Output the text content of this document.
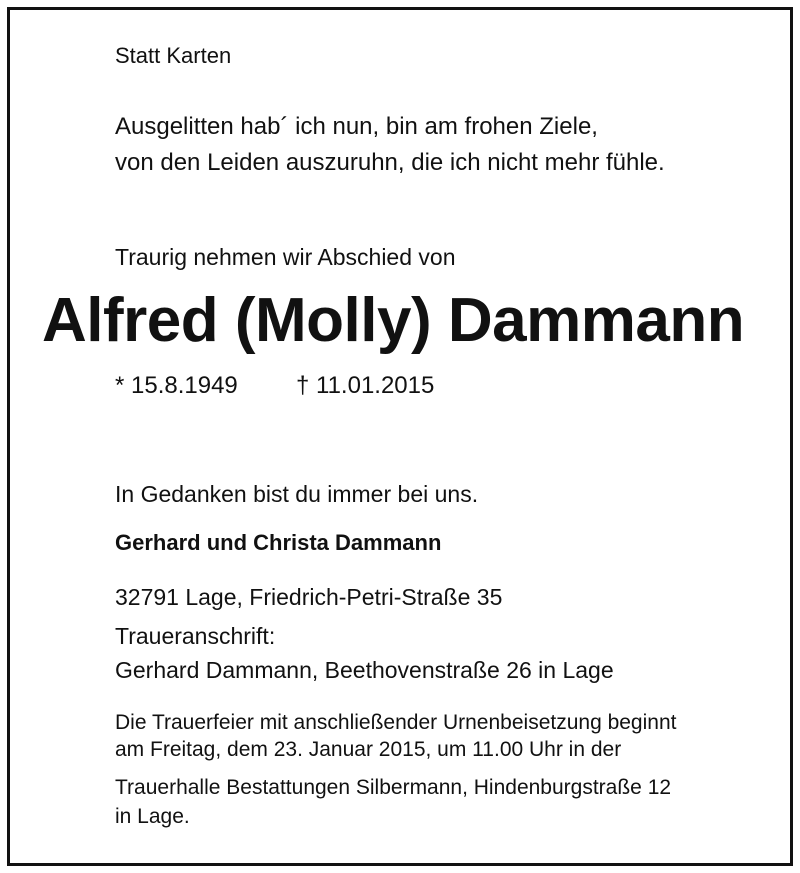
Statt Karten
Ausgelitten hab´ ich nun, bin am frohen Ziele,
von den Leiden auszuruhn, die ich nicht mehr fühle.
Traurig nehmen wir Abschied von
Alfred (Molly) Dammann
* 15.8.1949 † 11.01.2015
In Gedanken bist du immer bei uns.
Gerhard und Christa Dammann
32791 Lage, Friedrich-Petri-Straße 35
Traueranschrift:
Gerhard Dammann, Beethovenstraße 26 in Lage
Die Trauerfeier mit anschließender Urnenbeisetzung beginnt
am Freitag, dem 23. Januar 2015, um 11.00 Uhr in der
Trauerhalle Bestattungen Silbermann, Hindenburgstraße 12
in Lage.
